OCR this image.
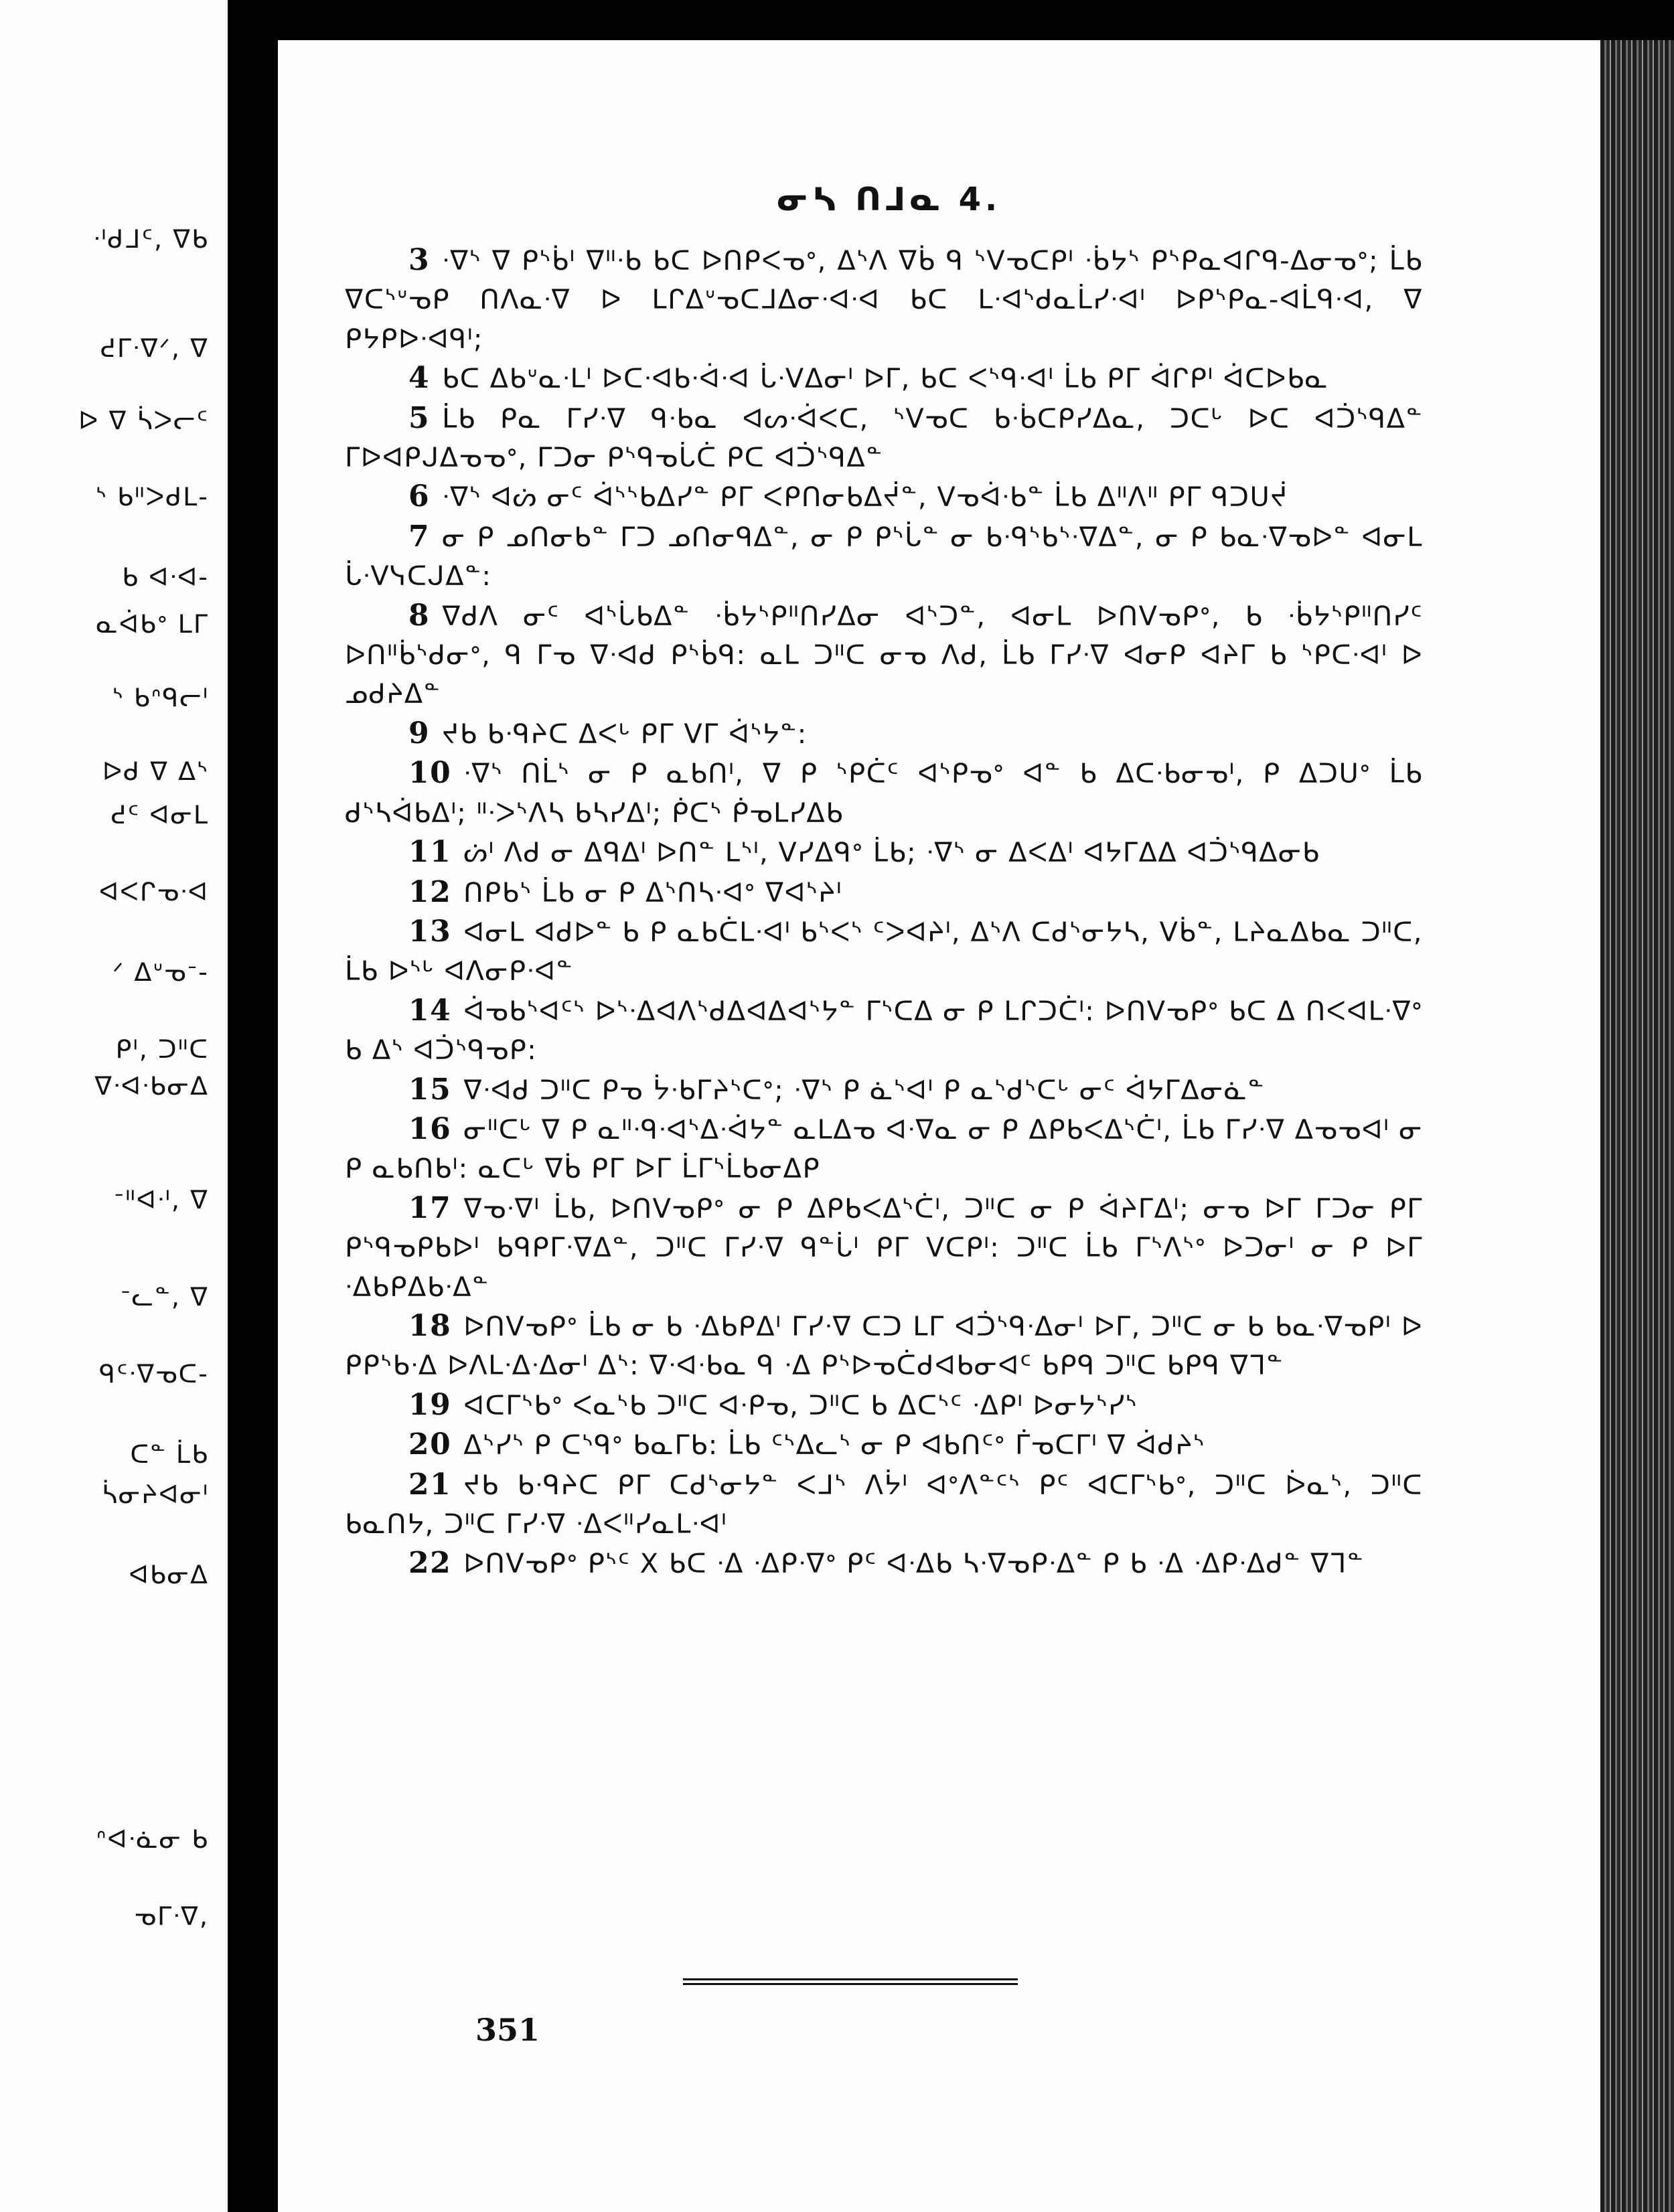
ᐧᑊᑯᒧᑦ, ᐁᑲ
ᕍᒥᐧᐁᐟ, ᐁ
ᐅ ᐁ ᓵᐳᓕᑦ
ᔅ ᑲᐦᐳᑯᒪ-
ᑲ ᐊᐧᐊ-
ᓇᐋᑲᐤ ᒪᒥ
ᔅ ᑲᐢᑫᓕᑊ
ᐅᑯ ᐁ ᐃᔅ
ᕍᑦ ᐊᓂᒪ
ᐊᐸᒋᓀᐧᐊ
ᐟ ᐃᐡᓀᐨ-
ᑭᑊ, ᑐᐦᑕ
ᐁᐧᐊᐧᑲᓂᐃ
ᐨᐦᐊᐧᑊ, ᐁ
ᐨᓚᓐ, ᐁ
ᑫᑦᐧᐁᓀᑕ-
ᑕᓐ ᒫᑲ
ᓵᓂᔨᐊᓂᑊ
ᐊᑲᓂᐃ
ᐢᐊᐧᓈᓂ ᑲ
ᓀᒥᐧᐁ,
ᓂᓴ ᑎᒧᓇ 4.

3 ᐧᐁᔅ ᐁ ᑭᔅᑳᑊ ᐁᐦᐧᑲ ᑲᑕ ᐅᑎᑭᐸᓀᐤ, ᐃᔅᐱ ᐁᑳ ᑫ ᔅᐯᓀᑕᑭᑊ ᐧᑳᔭᔅ ᑭᔅᑭᓇᐊᒋᑫ-ᐃᓂᓀᐤ; ᒫᑲ ᐁᑕᔅᐡᓀᑭ ᑎᐱᓇᐧᐁ ᐅ ᒪᒋᐃᐡᓀᑕᒧᐃᓂᐧᐊᐧᐊ ᑲᑕ ᒪᐧᐊᔅᑯᓇᒫᓯᐧᐊᑊ ᐅᑭᔅᑭᓇ-ᐊᒫᑫᐧᐊ, ᐁ ᑭᔭᑭᐅᐧᐊᑫᑊ;

4 ᑲᑕ ᐃᑲᐡᓇᐧᒪᑊ ᐅᑕᐧᐊᑲᐧᐋᐧᐊ ᒑᐧᐯᐃᓂᑊ ᐅᒥ, ᑲᑕ ᐸᔅᑫᐧᐊᑊ ᒫᑲ ᑭᒥ ᐋᒋᑭᑊ ᐋᑕᐅᑲᓇ

5 ᒫᑲ ᑭᓇ ᒥᓯᐧᐁ ᑫᐧᑲᓇ ᐊᔕᐧᐋᐸᑕ, ᔅᐯᓀᑕ ᑲᐧᑳᑕᑭᓯᐃᓇ, ᑐᑕᒡ ᐅᑕ ᐊᑑᔅᑫᐃᓐ ᒥᐅᐊᑭᒍᐃᓀᓀᐤ, ᒥᑐᓂ ᑭᔅᑫᓀᒑᑖ ᑭᑕ ᐊᑑᔅᑫᐃᓐ

6 ᐧᐁᔅ ᐊᔖ ᓂᑦ ᐋᔅᔅᑲᐃᓯᓐ ᑭᒥ ᐸᑭᑎᓂᑲᐃᔫᓐ, ᐯᓀᐋᐧᑲᓐ ᒫᑲ ᐃᐦᐱᐦ ᑭᒥ ᑫᑐᑌᔫ

7 ᓂ ᑭ ᓄᑎᓂᑲᓐ ᒥᑐ ᓄᑎᓂᑫᐃᓐ, ᓂ ᑭ ᑭᔅᒑᓐ ᓂ ᑲᐧᑫᔅᑲᔅᐧᐁᐃᓐ, ᓂ ᑭ ᑲᓇᐧᐁᓀᐅᓐ ᐊᓂᒪ ᒑᐧᐯᓭᑕᒍᐃᓐ:

8 ᐁᑯᐱ ᓂᑦ ᐊᔅᒑᑲᐃᓐ ᐧᑳᔭᔅᑭᐦᑎᓯᐃᓂ ᐊᔅᑐᓐ, ᐊᓂᒪ ᐅᑎᐯᓀᑭᐤ, ᑲ ᐧᑳᔭᔅᑭᐦᑎᓯᑦ ᐅᑎᐦᑳᔅᑯᓂᐤ, ᑫ ᒥᓀ ᐁᐧᐊᑯ ᑭᔅᑳᑫ: ᓇᒪ ᑐᐦᑕ ᓂᓀ ᐱᑯ, ᒫᑲ ᒥᓯᐧᐁ ᐊᓂᑭ ᐊᔨᒥ ᑲ ᔅᑭᑕᐧᐊᑊ ᐅ ᓄᑯᔨᐃᓐ

9 ᔪᑲ ᑲᐧᑫᔨᑕ ᐃᐸᒡ ᑭᒥ ᐯᒥ ᐋᔅᔭᓐ:

10 ᐧᐁᔅ ᑎᒫᔅ ᓂ ᑭ ᓇᑲᑎᑊ, ᐁ ᑭ ᔅᑭᑖᑦ ᐊᔅᑭᓀᐤ ᐊᓐ ᑲ ᐃᑕᐧᑲᓂᓀᑊ, ᑭ ᐃᑐᑌᐤ ᒫᑲ ᑯᔅᓴᐋᑲᐃᑊ; ᐦᐧᐳᔅᐱᓴ ᑲᓴᓯᐃᑊ; ᑮᑕᔅ ᑮᓀᒪᓯᐃᑲ

11 ᔖᑊ ᐱᑯ ᓂ ᐃᑫᐃᑊ ᐅᑎᓐ ᒪᔅᑊ, ᐯᓯᐃᑫᐤ ᒫᑲ; ᐧᐁᔅ ᓂ ᐃᐸᐃᑊ ᐊᔭᒥᐃᐃ ᐊᑑᔅᑫᐃᓂᑲ

12 ᑎᑭᑲᔅ ᒫᑲ ᓂ ᑭ ᐃᔅᑎᓴᐧᐊᐤ ᐁᐊᔅᔨᑊ

13 ᐊᓂᒪ ᐊᑯᐅᓐ ᑲ ᑭ ᓇᑲᑖᒪᐧᐊᑊ ᑲᔅᐸᔅ ᑦᐳᐊᔨᑊ, ᐃᔅᐱ ᑕᑯᔅᓂᔭᓴ, ᐯᑳᓐ, ᒪᔨᓇᐃᑲᓇ ᑐᐦᑕ, ᒫᑲ ᐅᔅᒡ ᐊᐱᓂᑭᐧᐊᓐ

14 ᐋᓀᑲᔅᐊᑦᔅ ᐅᔅᐧᐃᐊᐱᔅᑯᐃᐊᐃᐊᔅᔭᓐ ᒥᔅᑕᐃ ᓂ ᑭ ᒪᒋᑐᑖᑊ: ᐅᑎᐯᓀᑭᐤ ᑲᑕ ᐃ ᑎᐸᐊᒪᐧᐁᐤ ᑲ ᐃᔅ ᐊᑑᔅᑫᓀᑭ:

15 ᐁᐧᐊᑯ ᑐᐦᑕ ᑭᓀ ᔮᐧᑲᒥᔨᔅᑕᐤ; ᐧᐁᔅ ᑭ ᓈᔅᐊᑊ ᑭ ᓇᔅᑯᔅᑕᒡ ᓂᑦ ᐋᔭᒥᐃᓂᓈᓐ

16 ᓂᐦᑕᒡ ᐁ ᑭ ᓇᐦᐧᑫᐧᐊᔅᐃᐧᐋᔭᓐ ᓇᒪᐃᓀ ᐊᐧᐁᓇ ᓂ ᑭ ᐃᑭᑲᐸᐃᔅᑖᑊ, ᒫᑲ ᒥᓯᐧᐁ ᐃᓀᓀᐊᑊ ᓂ ᑭ ᓇᑲᑎᑲᑊ: ᓇᑕᒡ ᐁᑳ ᑭᒥ ᐅᒥ ᒫᒥᔅᒫᑲᓂᐃᑭ

17 ᐁᓀᐧᐁᑊ ᒫᑲ, ᐅᑎᐯᓀᑭᐤ ᓂ ᑭ ᐃᑭᑲᐸᐃᔅᑖᑊ, ᑐᐦᑕ ᓂ ᑭ ᐋᔨᒥᐃᑊ; ᓂᓀ ᐅᒥ ᒥᑐᓂ ᑭᒥ ᑭᔅᑫᓀᑭᑲᐅᑊ ᑲᑫᑭᒥᐧᐁᐃᓐ, ᑐᐦᑕ ᒥᓯᐧᐁ ᑫᓐᒑᑊ ᑭᒥ ᐯᑕᑭᑊ: ᑐᐦᑕ ᒫᑲ ᒥᔅᐱᔅᐤ ᐅᑐᓂᑊ ᓂ ᑭ ᐅᒥ ᐧᐃᑲᑭᐃᑲᐧᐃᓐ

18 ᐅᑎᐯᓀᑭᐤ ᒫᑲ ᓂ ᑲ ᐧᐃᑲᑭᐃᑊ ᒥᓯᐧᐁ ᑕᑐ ᒪᒥ ᐊᑑᔅᑫᐧᐃᓂᑊ ᐅᒥ, ᑐᐦᑕ ᓂ ᑲ ᑲᓇᐧᐁᓀᑭᑊ ᐅ ᑭᑭᔅᑲᐧᐃ ᐅᐱᒪᐧᐃᐧᐃᓂᑊ ᐃᔅ: ᐁᐧᐊᐧᑲᓇ ᑫ ᐧᐃ ᑭᔅᐅᓀᑖᑯᐊᑲᓂᐊᑦ ᑲᑭᑫ ᑐᐦᑕ ᑲᑭᑫ ᐁᒣᓐ

19 ᐊᑕᒥᔅᑲᐤ ᐸᓇᔅᑲ ᑐᐦᑕ ᐊᐧᑭᓀ, ᑐᐦᑕ ᑲ ᐃᑕᔅᑦ ᐧᐃᑭᑊ ᐅᓂᔭᔅᓯᔅ

20 ᐃᔅᓯᔅ ᑭ ᑕᔅᑫᐤ ᑲᓇᒥᑲ: ᒫᑲ ᑦᔅᐃᓚᔅ ᓂ ᑭ ᐊᑲᑎᑦᐤ ᒦᓀᑕᒥᑊ ᐁ ᐋᑯᔨᔅ

21 ᔪᑲ ᑲᐧᑫᔨᑕ ᑭᒥ ᑕᑯᔅᓂᔭᓐ ᐸᒧᔅ ᐱᔮᑊ ᐊᐤᐱᓐᑦᔅ ᑭᑦ ᐊᑕᒥᔅᑲᐤ, ᑐᐦᑕ ᐆᓇᔅ, ᑐᐦᑕ ᑲᓇᑎᔭ, ᑐᐦᑕ ᒥᓯᐧᐁ ᐧᐃᐸᐦᓯᓇᒪᐧᐊᑊ

22 ᐅᑎᐯᓀᑭᐤ ᑭᔅᑦ X ᑲᑕ ᐧᐃ ᐧᐃᑭᐧᐁᐤ ᑭᑦ ᐊᐧᐃᑲ ᓴᐧᐁᓀᑭᐧᐃᓐ ᑭ ᑲ ᐧᐃ ᐧᐃᑭᐧᐃᑯᓐ ᐁᒣᓐ

351
